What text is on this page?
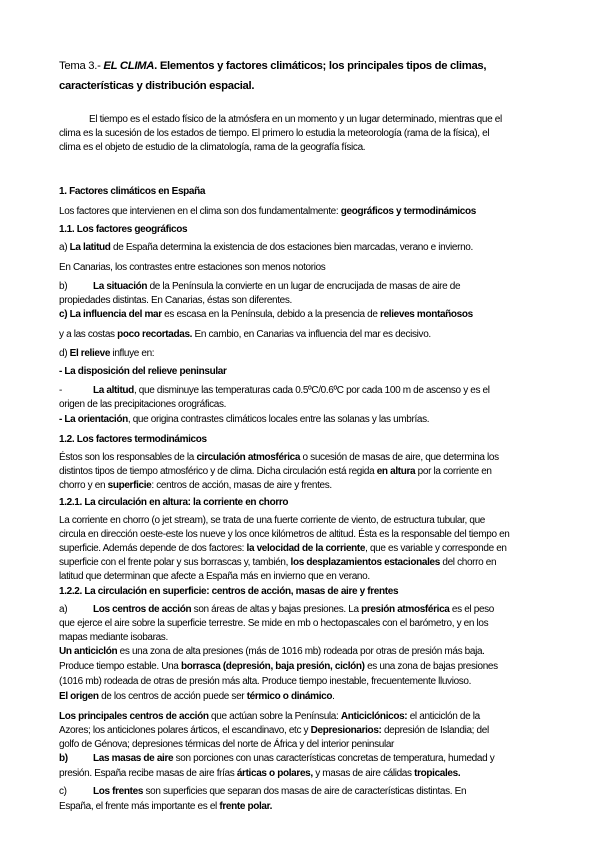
Tema 3.- EL CLIMA. Elementos y factores climáticos; los principales tipos de climas,
características y distribución espacial.
El tiempo es el estado físico de la atmósfera en un momento y un lugar determinado, mientras que el
clima es la sucesión de los estados de tiempo. El primero lo estudia la meteorología (rama de la física), el
clima es el objeto de estudio de la climatología, rama de la geografía física.
1. Factores climáticos en España
Los factores que intervienen en el clima son dos fundamentalmente: geográficos y termodinámicos
1.1. Los factores geográficos
a) La latitud de España determina la existencia de dos estaciones bien marcadas, verano e invierno.
En Canarias, los contrastes entre estaciones son menos notorios
b)	La situación de la Península la convierte en un lugar de encrucijada de masas de aire de
propiedades distintas. En Canarias, éstas son diferentes.
c) La influencia del mar es escasa en la Península, debido a la presencia de relieves montañosos
y a las costas poco recortadas. En cambio, en Canarias va influencia del mar es decisivo.
d) El relieve influye en:
- La disposición del relieve peninsular
-	La altitud, que disminuye las temperaturas cada 0.5ºC/0.6ºC por cada 100 m de ascenso y es el
origen de las precipitaciones orográficas.
- La orientación, que origina contrastes climáticos locales entre las solanas y las umbrías.
1.2. Los factores termodinámicos
Éstos son los responsables de la circulación atmosférica o sucesión de masas de aire, que determina los
distintos tipos de tiempo atmosférico y de clima. Dicha circulación está regida en altura por la corriente en
chorro y en superficie: centros de acción, masas de aire y frentes.
1.2.1. La circulación en altura: la corriente en chorro
La corriente en chorro (o jet stream), se trata de una fuerte corriente de viento, de estructura tubular, que
circula en dirección oeste-este los nueve y los once kilómetros de altitud. Ésta es la responsable del tiempo en
superficie. Además depende de dos factores: la velocidad de la corriente, que es variable y corresponde en
superficie con el frente polar y sus borrascas y, también, los desplazamientos estacionales del chorro en
latitud que determinan que afecte a España más en invierno que en verano.
1.2.2. La circulación en superficie: centros de acción, masas de aire y frentes
a)	Los centros de acción son áreas de altas y bajas presiones. La presión atmosférica es el peso
que ejerce el aire sobre la superficie terrestre. Se mide en mb o hectopascales con el barómetro, y en los
mapas mediante isobaras.
Un anticiclón es una zona de alta presiones (más de 1016 mb) rodeada por otras de presión más baja.
Produce tiempo estable. Una borrasca (depresión, baja presión, ciclón) es una zona de bajas presiones
(1016 mb) rodeada de otras de presión más alta. Produce tiempo inestable, frecuentemente lluvioso.
El origen de los centros de acción puede ser térmico o dinámico.
Los principales centros de acción que actúan sobre la Península: Anticiclónicos: el anticiclón de la
Azores; los anticiclones polares árticos, el escandinavo, etc y Depresionarios: depresión de Islandia; del
golfo de Génova; depresiones térmicas del norte de África y del interior peninsular
b)	Las masas de aire son porciones con unas características concretas de temperatura, humedad y
presión. España recibe masas de aire frías árticas o polares, y masas de aire cálidas tropicales.
c)	Los frentes son superficies que separan dos masas de aire de características distintas. En
España, el frente más importante es el frente polar.
